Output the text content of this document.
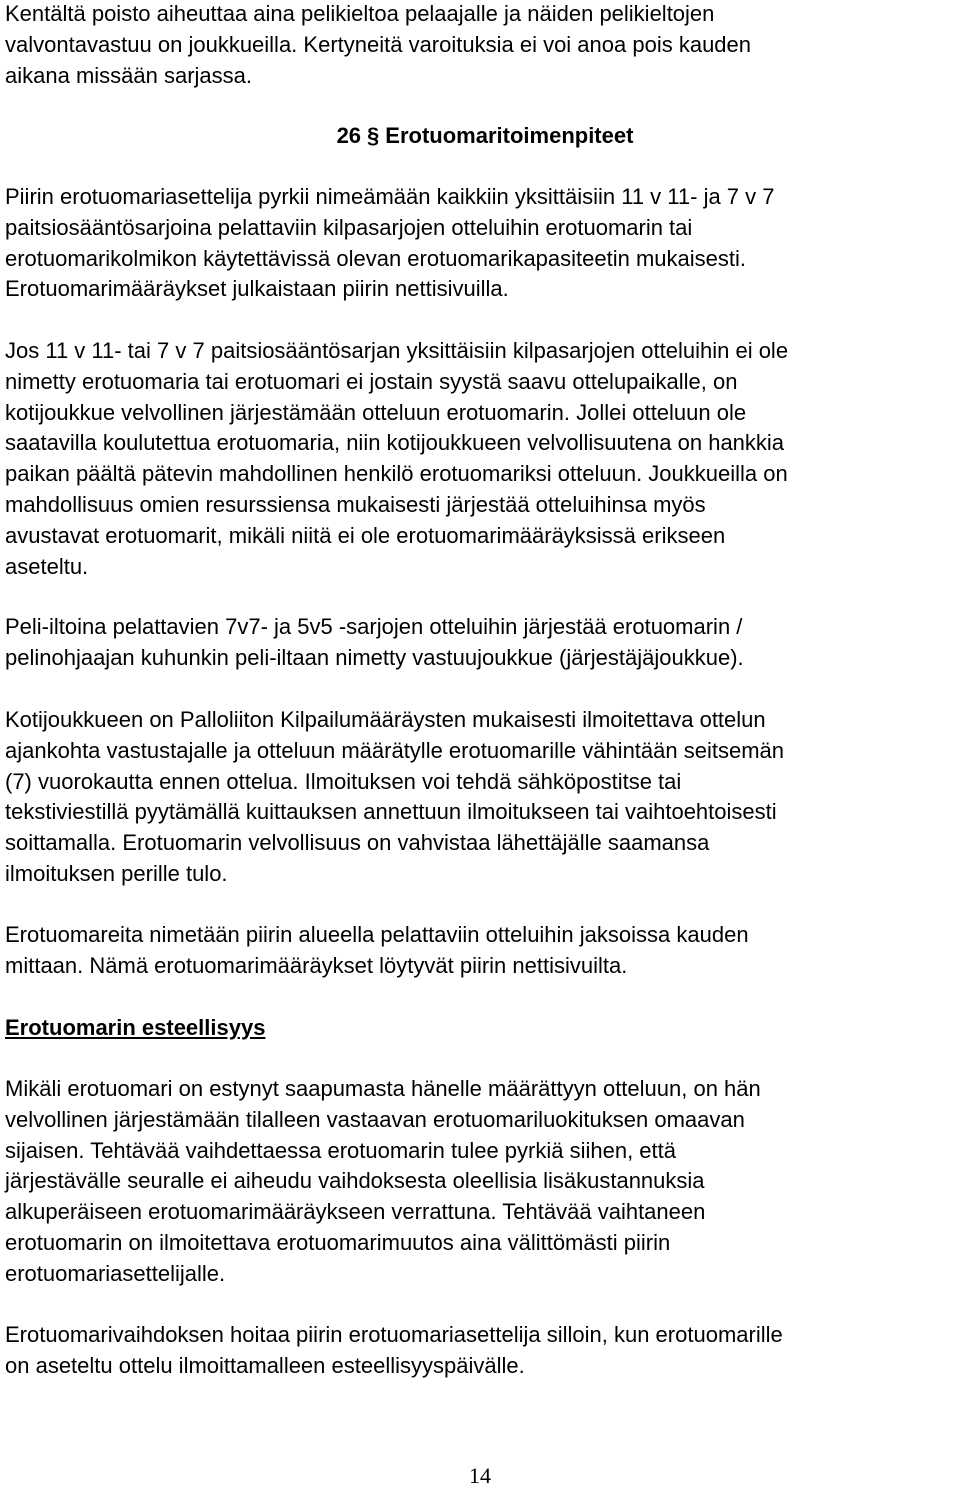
Kentältä poisto aiheuttaa aina pelikieltoa pelaajalle ja näiden pelikieltojen
valvontavastuu on joukkueilla. Kertyneitä varoituksia ei voi anoa pois kauden
aikana missään sarjassa.

26 § Erotuomaritoimenpiteet

Piirin erotuomariasettelija pyrkii nimeämään kaikkiin yksittäisiin 11 v 11- ja 7 v 7
paitsiosääntösarjoina pelattaviin kilpasarjojen otteluihin erotuomarin tai
erotuomarikolmikon käytettävissä olevan erotuomarikapasiteetin mukaisesti.
Erotuomarimääräykset julkaistaan piirin nettisivuilla.

Jos 11 v 11- tai 7 v 7 paitsiosääntösarjan yksittäisiin kilpasarjojen otteluihin ei ole
nimetty erotuomaria tai erotuomari ei jostain syystä saavu ottelupaikalle, on
kotijoukkue velvollinen järjestämään otteluun erotuomarin. Jollei otteluun ole
saatavilla koulutettua erotuomaria, niin kotijoukkueen velvollisuutena on hankkia
paikan päältä pätevin mahdollinen henkilö erotuomariksi otteluun. Joukkueilla on
mahdollisuus omien resurssiensa mukaisesti järjestää otteluihinsa myös
avustavat erotuomarit, mikäli niitä ei ole erotuomarimääräyksissä erikseen
aseteltu.

Peli-iltoina pelattavien 7v7- ja 5v5 -sarjojen otteluihin järjestää erotuomarin /
pelinohjaajan kuhunkin peli-iltaan nimetty vastuujoukkue (järjestäjäjoukkue).

Kotijoukkueen on Palloliiton Kilpailumääräysten mukaisesti ilmoitettava ottelun
ajankohta vastustajalle ja otteluun määrätylle erotuomarille vähintään seitsemän
(7) vuorokautta ennen ottelua. Ilmoituksen voi tehdä sähköpostitse tai
tekstiviestillä pyytämällä kuittauksen annettuun ilmoitukseen tai vaihtoehtoisesti
soittamalla. Erotuomarin velvollisuus on vahvistaa lähettäjälle saamansa
ilmoituksen perille tulo.

Erotuomareita nimetään piirin alueella pelattaviin otteluihin jaksoissa kauden
mittaan. Nämä erotuomarimääräykset löytyvät piirin nettisivuilta.

Erotuomarin esteellisyys

Mikäli erotuomari on estynyt saapumasta hänelle määrättyyn otteluun, on hän
velvollinen järjestämään tilalleen vastaavan erotuomariluokituksen omaavan
sijaisen. Tehtävää vaihdettaessa erotuomarin tulee pyrkiä siihen, että
järjestävälle seuralle ei aiheudu vaihdoksesta oleellisia lisäkustannuksia
alkuperäiseen erotuomarimääräykseen verrattuna. Tehtävää vaihtaneen
erotuomarin on ilmoitettava erotuomarimuutos aina välittömästi piirin
erotuomariasettelijalle.

Erotuomarivaihdoksen hoitaa piirin erotuomariasettelija silloin, kun erotuomarille
on aseteltu ottelu ilmoittamalleen esteellisyyspäivälle.

14
